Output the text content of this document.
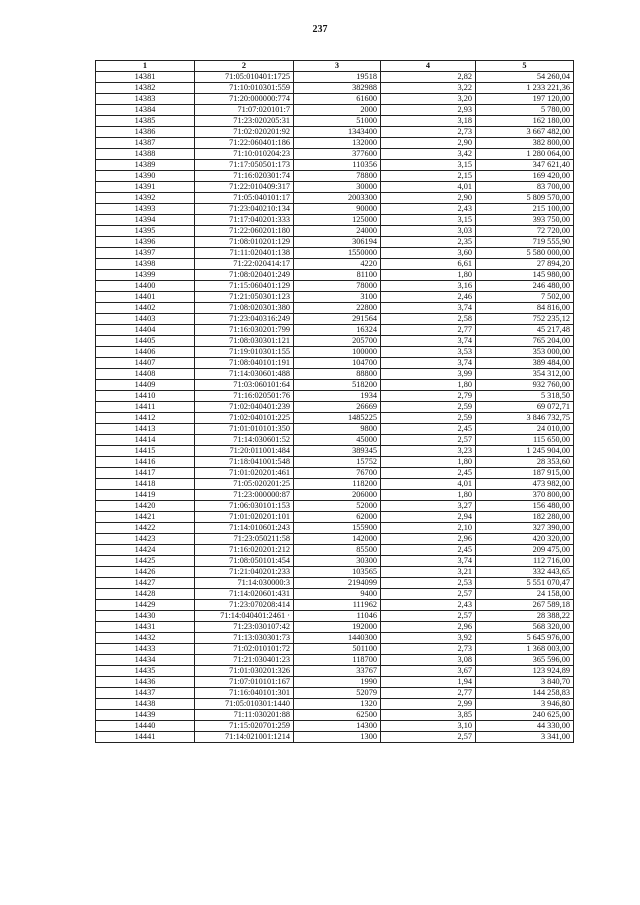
237
1	2	3	4	5
14381	71:05:010401:1725	19518	2,82	54 260,04
14382	71:10:010301:559	382988	3,22	1 233 221,36
14383	71:20:000000:774	61600	3,20	197 120,00
14384	71:07:020101:7	2000	2,93	5 780,00
14385	71:23:020205:31	51000	3,18	162 180,00
14386	71:02:020201:92	1343400	2,73	3 667 482,00
14387	71:22:060401:186	132000	2,90	382 800,00
14388	71:10:010204:23	377600	3,42	1 280 064,00
14389	71:17:050501:173	110356	3,15	347 621,40
14390	71:16:020301:74	78800	2,15	169 420,00
14391	71:22:010409:317	30000	4,01	83 700,00
14392	71:05:040101:17	2003300	2,90	5 809 570,00
14393	71:23:040210:134	90000	2,43	215 100,00
14394	71:17:040201:333	125000	3,15	393 750,00
14395	71:22:060201:180	24000	3,03	72 720,00
14396	71:08:010201:129	306194	2,35	719 555,90
14397	71:11:020401:138	1550000	3,60	5 580 000,00
14398	71:22:020414:17	4220	6,61	27 894,20
14399	71:08:020401:249	81100	1,80	145 980,00
14400	71:15:060401:129	78000	3,16	246 480,00
14401	71:21:050301:123	3100	2,46	7 502,00
14402	71:08:020301:380	22800	3,74	84 816,00
14403	71:23:040316:249	291564	2,58	752 235,12
14404	71:16:030201:799	16324	2,77	45 217,48
14405	71:08:030301:121	205700	3,74	765 204,00
14406	71:19:010301:155	100000	3,53	353 000,00
14407	71:08:040101:191	104700	3,74	389 484,00
14408	71:14:030601:488	88800	3,99	354 312,00
14409	71:03:060101:64	518200	1,80	932 760,00
14410	71:16:020501:76	1934	2,79	5 318,50
14411	71:02:040401:239	26669	2,59	69 072,71
14412	71:02:040101:225	1485225	2,59	3 846 732,75
14413	71:01:010101:350	9800	2,45	24 010,00
14414	71:14:030601:52	45000	2,57	115 650,00
14415	71:20:011001:484	389345	3,23	1 245 904,00
14416	71:18:041001:548	15752	1,80	28 353,60
14417	71:01:020201:461	76700	2,45	187 915,00
14418	71:05:020201:25	118200	4,01	473 982,00
14419	71:23:000000:87	206000	1,80	370 800,00
14420	71:06:030101:153	52000	3,27	156 480,00
14421	71:01:020201:101	62000	2,94	182 280,00
14422	71:14:010601:243	155900	2,10	327 390,00
14423	71:23:050211:58	142000	2,96	420 320,00
14424	71:16:020201:212	85500	2,45	209 475,00
14425	71:08:050101:454	30300	3,74	112 716,00
14426	71:21:040201:233	103565	3,21	332 443,65
14427	71:14:030000:3	2194099	2,53	5 551 070,47
14428	71:14:020601:431	9400	2,57	24 158,00
14429	71:23:070208:414	111962	2,43	267 589,18
14430	71:14:040401:2461 ·	11046	2,57	28 388,22
14431	71:23:030107:42	192000	2,96	568 320,00
14432	71:13:030301:73	1440300	3,92	5 645 976,00
14433	71:02:010101:72	501100	2,73	1 368 003,00
14434	71:21:030401:23	118700	3,08	365 596,00
14435	71:01:030201:326	33767	3,67	123 924,89
14436	71:07:010101:167	1990	1,94	3 840,70
14437	71:16:040101:301	52079	2,77	144 258,83
14438	71:05:010301:1440	1320	2,99	3 946,80
14439	71:11:030201:88	62500	3,85	240 625,00
14440	71:15:020701:259	14300	3,10	44 330,00
14441	71:14:021001:1214	1300	2,57	3 341,00
